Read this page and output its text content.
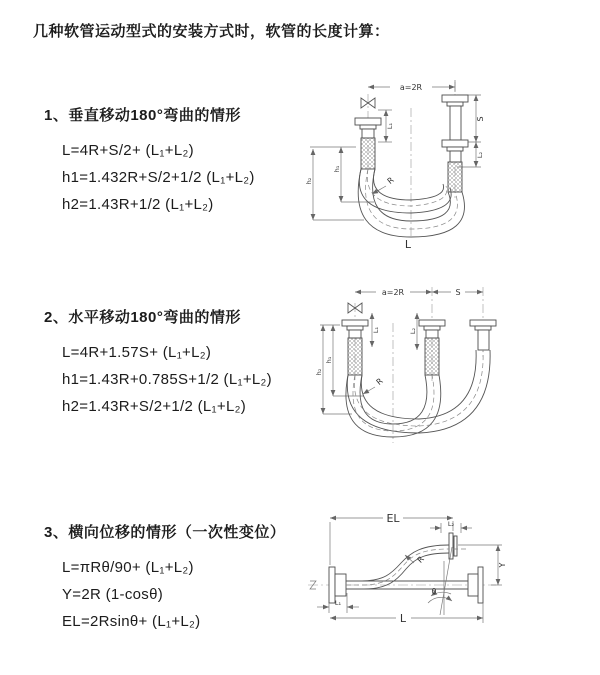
几种软管运动型式的安装方式时，软管的长度计算：
1、垂直移动180°弯曲的情形
L=4R+S/2+ (L₁+L₂)
h1=1.432R+S/2+1/2 (L₁+L₂)
h2=1.43R+1/2 (L₁+L₂)
2、水平移动180°弯曲的情形
L=4R+1.57S+ (L₁+L₂)
h1=1.43R+0.785S+1/2 (L₁+L₂)
h2=1.43R+S/2+1/2 (L₁+L₂)
3、横向位移的情形（一次性变位）
L=πRθ/90+ (L₁+L₂)
Y=2R (1-cosθ)
EL=2Rsinθ+ (L₁+L₂)
a=2R
L₁
S
L₂
h₁
h₂	R
L
a=2R	S
L₁	L₂
h₁
h₂
R
EL	L₂
Y
R
θ
L₁
L
